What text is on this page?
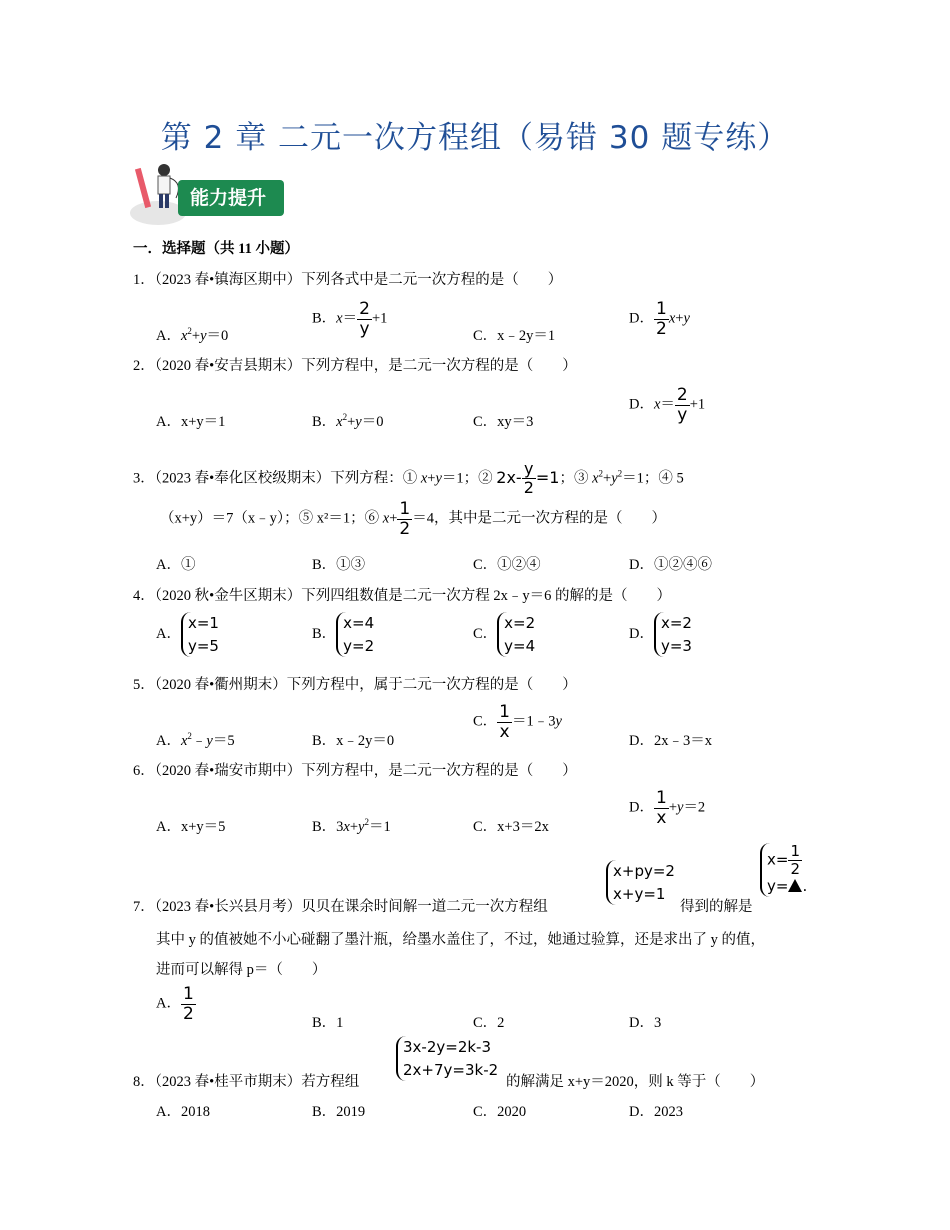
第 2 章 二元一次方程组（易错 30 题专练）
能力提升
一．选择题（共 11 小题）
1．（2023 春•镇海区期中）下列各式中是二元一次方程的是（　　）
A．$x^2+y=0$
B．$x= \frac{2}{y} +1$
C．x﹣2y＝1
D． $\frac{1}{2} x+y$
2．（2020 春•安吉县期末）下列方程中，是二元一次方程的是（　　）
A．x+y＝1	B．$x^2+y=0$	C．xy＝3
D．$x= \frac{2}{y} +1$
3．（2023 春•奉化区校级期末）下列方程：① x+y＝1；② $2x- \frac{y}{2} =1$；③ $x^2+y^2=1$；④ 5
（x+y）＝7（x﹣y）；⑤ x²＝1；⑥ $x+ \frac{1}{2} =4$，其中是二元一次方程的是（　　）
A．①	B．①③	C．①②④	D．①②④⑥
4．（2020 秋•金牛区期末）下列四组数值是二元一次方程 2x﹣y＝6 的解的是（　　）
A．x=1
y=5
B．x=4
y=2
C．x=2
y=4
D．x=2
y=3
5．（2020 春•衢州期末）下列方程中，属于二元一次方程的是（　　）
A．$x^2﹣y=5$	B．x﹣2y＝0
C． $\frac{1}{x}$ ＝1﹣3y
D．2x﹣3＝x
6．（2020 春•瑞安市期中）下列方程中，是二元一次方程的是（　　）
A．x+y＝5	B．$3x+y^2=1$	C．x+3＝2x
D． $\frac{1}{x} +y=2$
7．（2023 春•长兴县月考）贝贝在课余时间解一道二元一次方程组
x+py=2
x+y=1
得到的解是
$x= \frac{1}{2}$

y= .
其中 y 的值被她不小心碰翻了墨汁瓶，给墨水盖住了，不过，她通过验算，还是求出了 y 的值，
进而可以解得 p＝（　　）
A． $\frac{1}{2}$	B．1	C．2	D．3
8．（2023 春•桂平市期末）若方程组
3x-2y=2k-3
2x+7y=3k-2
的解满足 x+y＝2020，则 k 等于（　　）
A．2018	B．2019	C．2020	D．2023
